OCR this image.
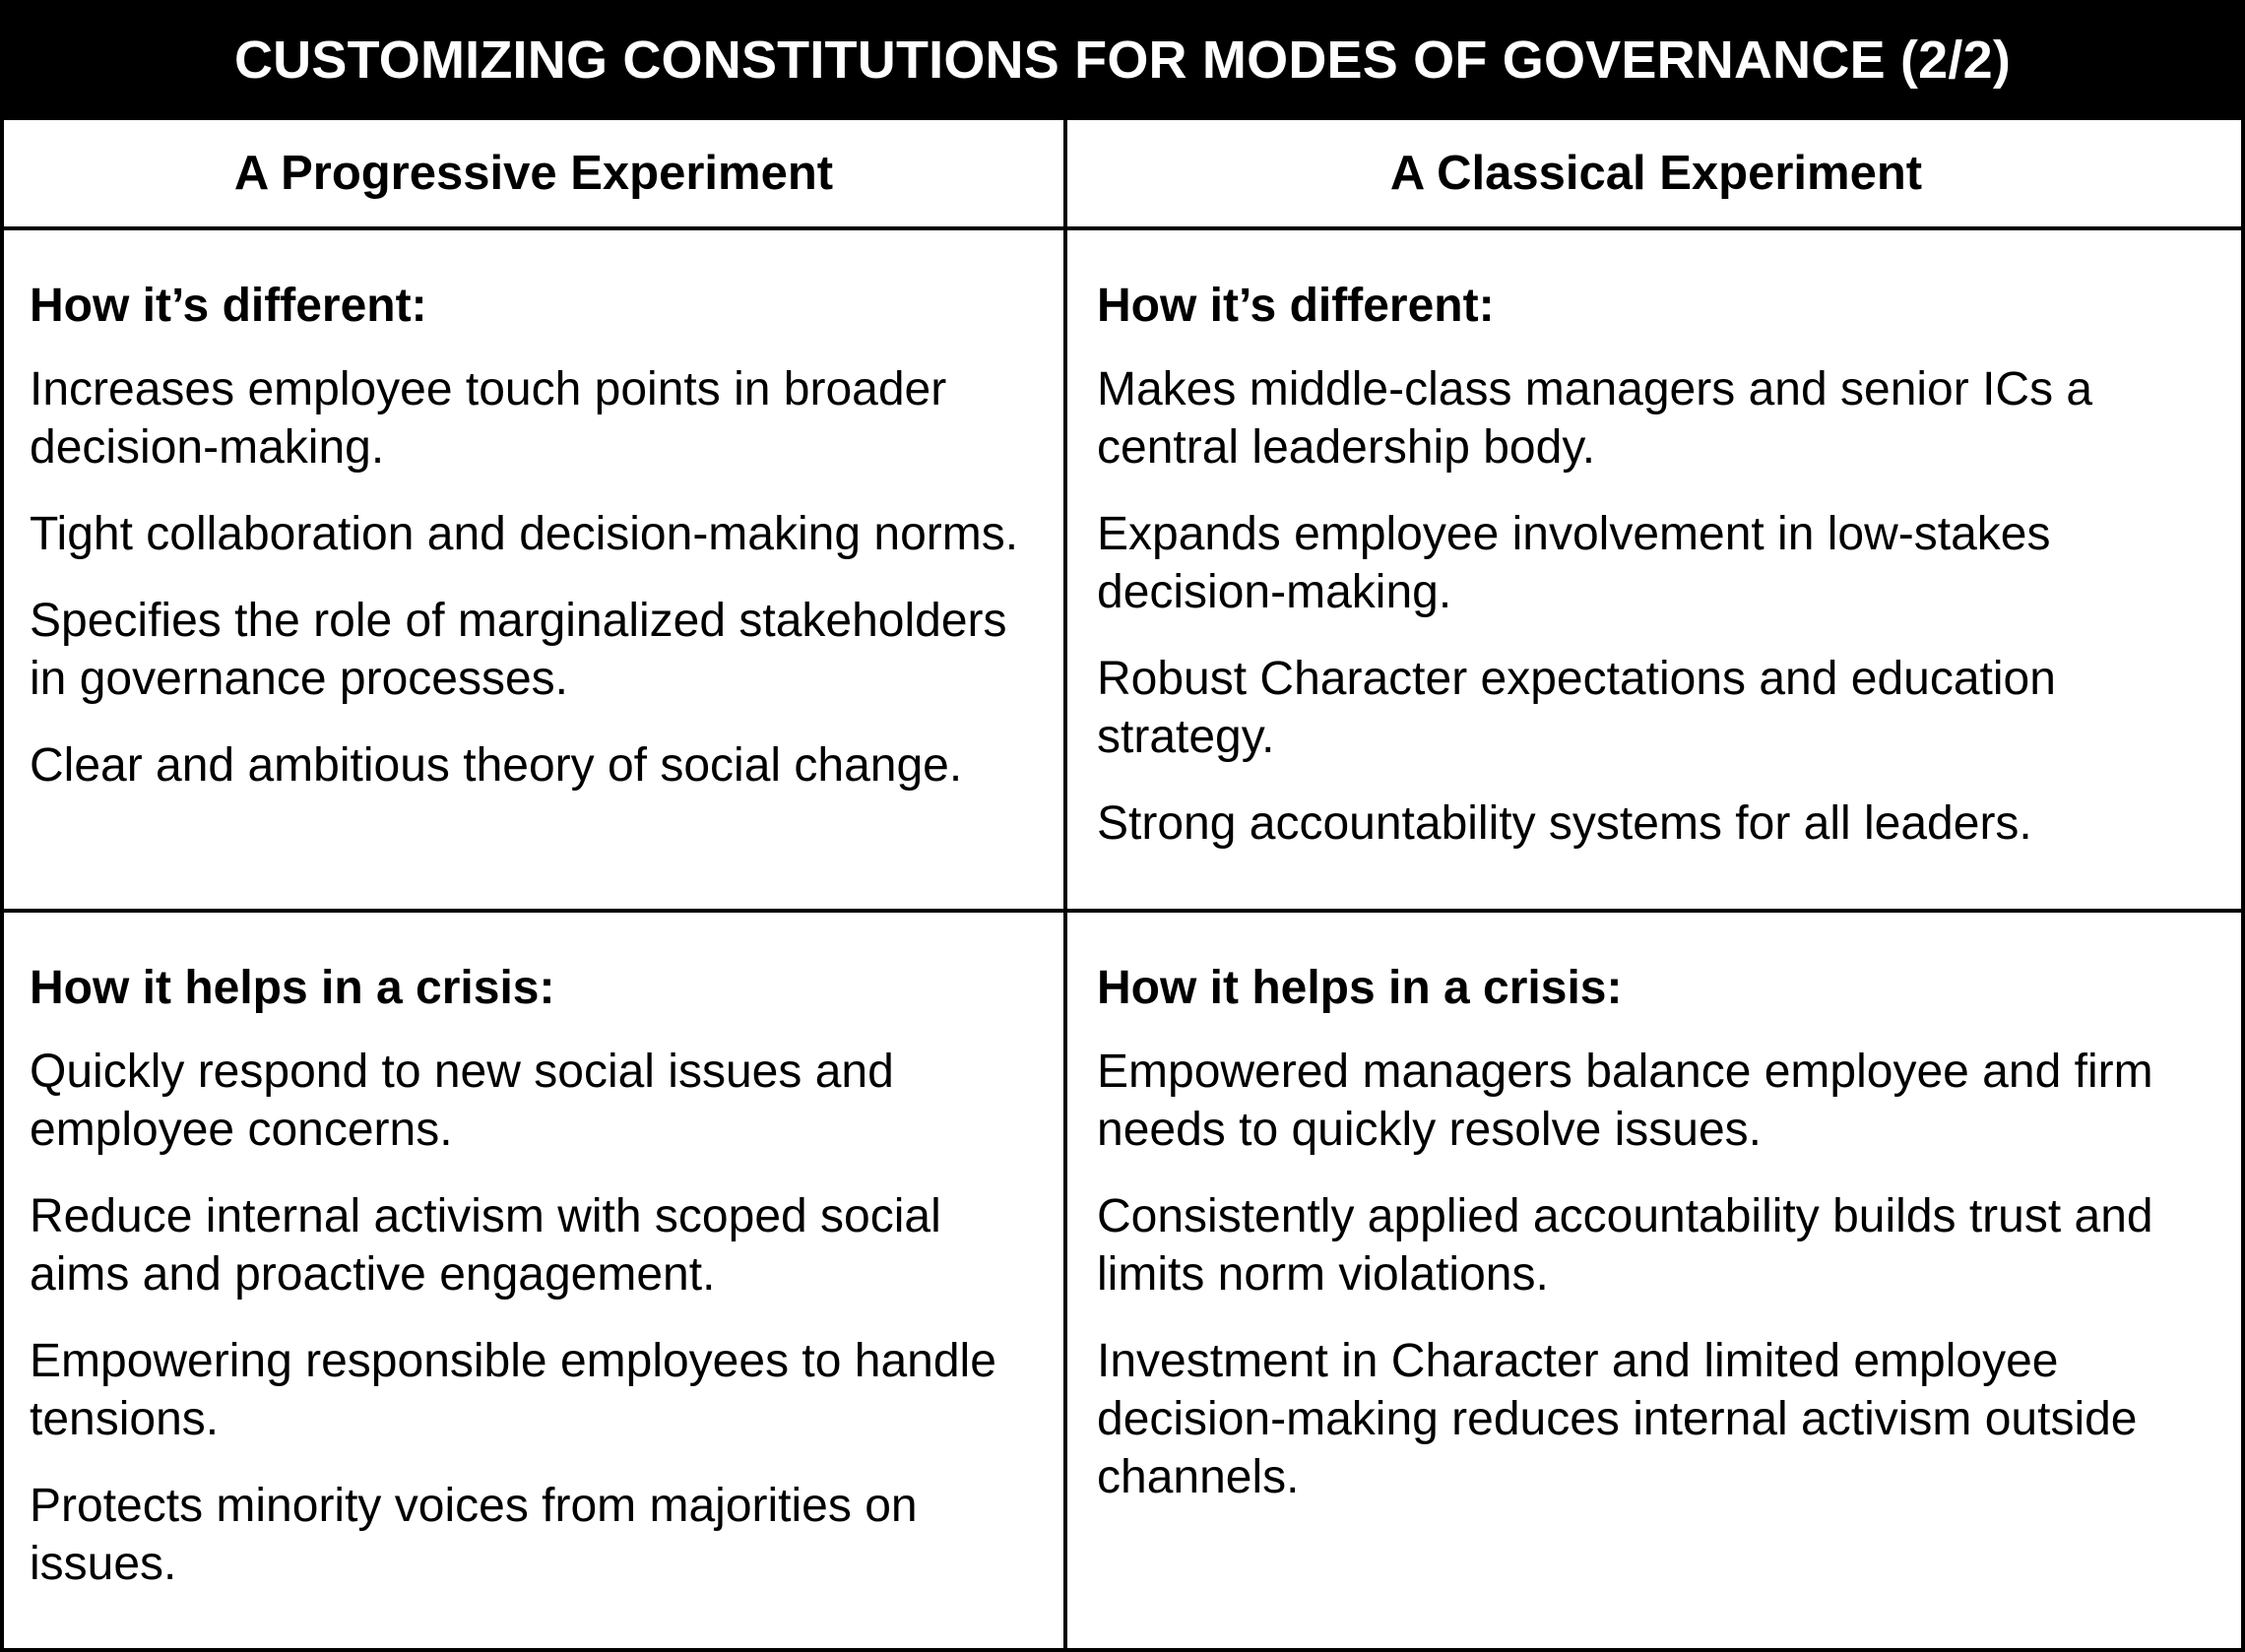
CUSTOMIZING CONSTITUTIONS FOR MODES OF GOVERNANCE (2/2)
A Progressive Experiment	A Classical Experiment
How it’s different:
Increases employee touch points in broader decision-making.
Tight collaboration and decision-making norms.
Specifies the role of marginalized stakeholders in governance processes.
Clear and ambitious theory of social change.
How it’s different:
Makes middle-class managers and senior ICs a central leadership body.
Expands employee involvement in low-stakes decision-making.
Robust Character expectations and education strategy.
Strong accountability systems for all leaders.
How it helps in a crisis:
Quickly respond to new social issues and employee concerns.
Reduce internal activism with scoped social aims and proactive engagement.
Empowering responsible employees to handle tensions.
Protects minority voices from majorities on issues.
How it helps in a crisis:
Empowered managers balance employee and firm needs to quickly resolve issues.
Consistently applied accountability builds trust and limits norm violations.
Investment in Character and limited employee decision-making reduces internal activism outside channels.
